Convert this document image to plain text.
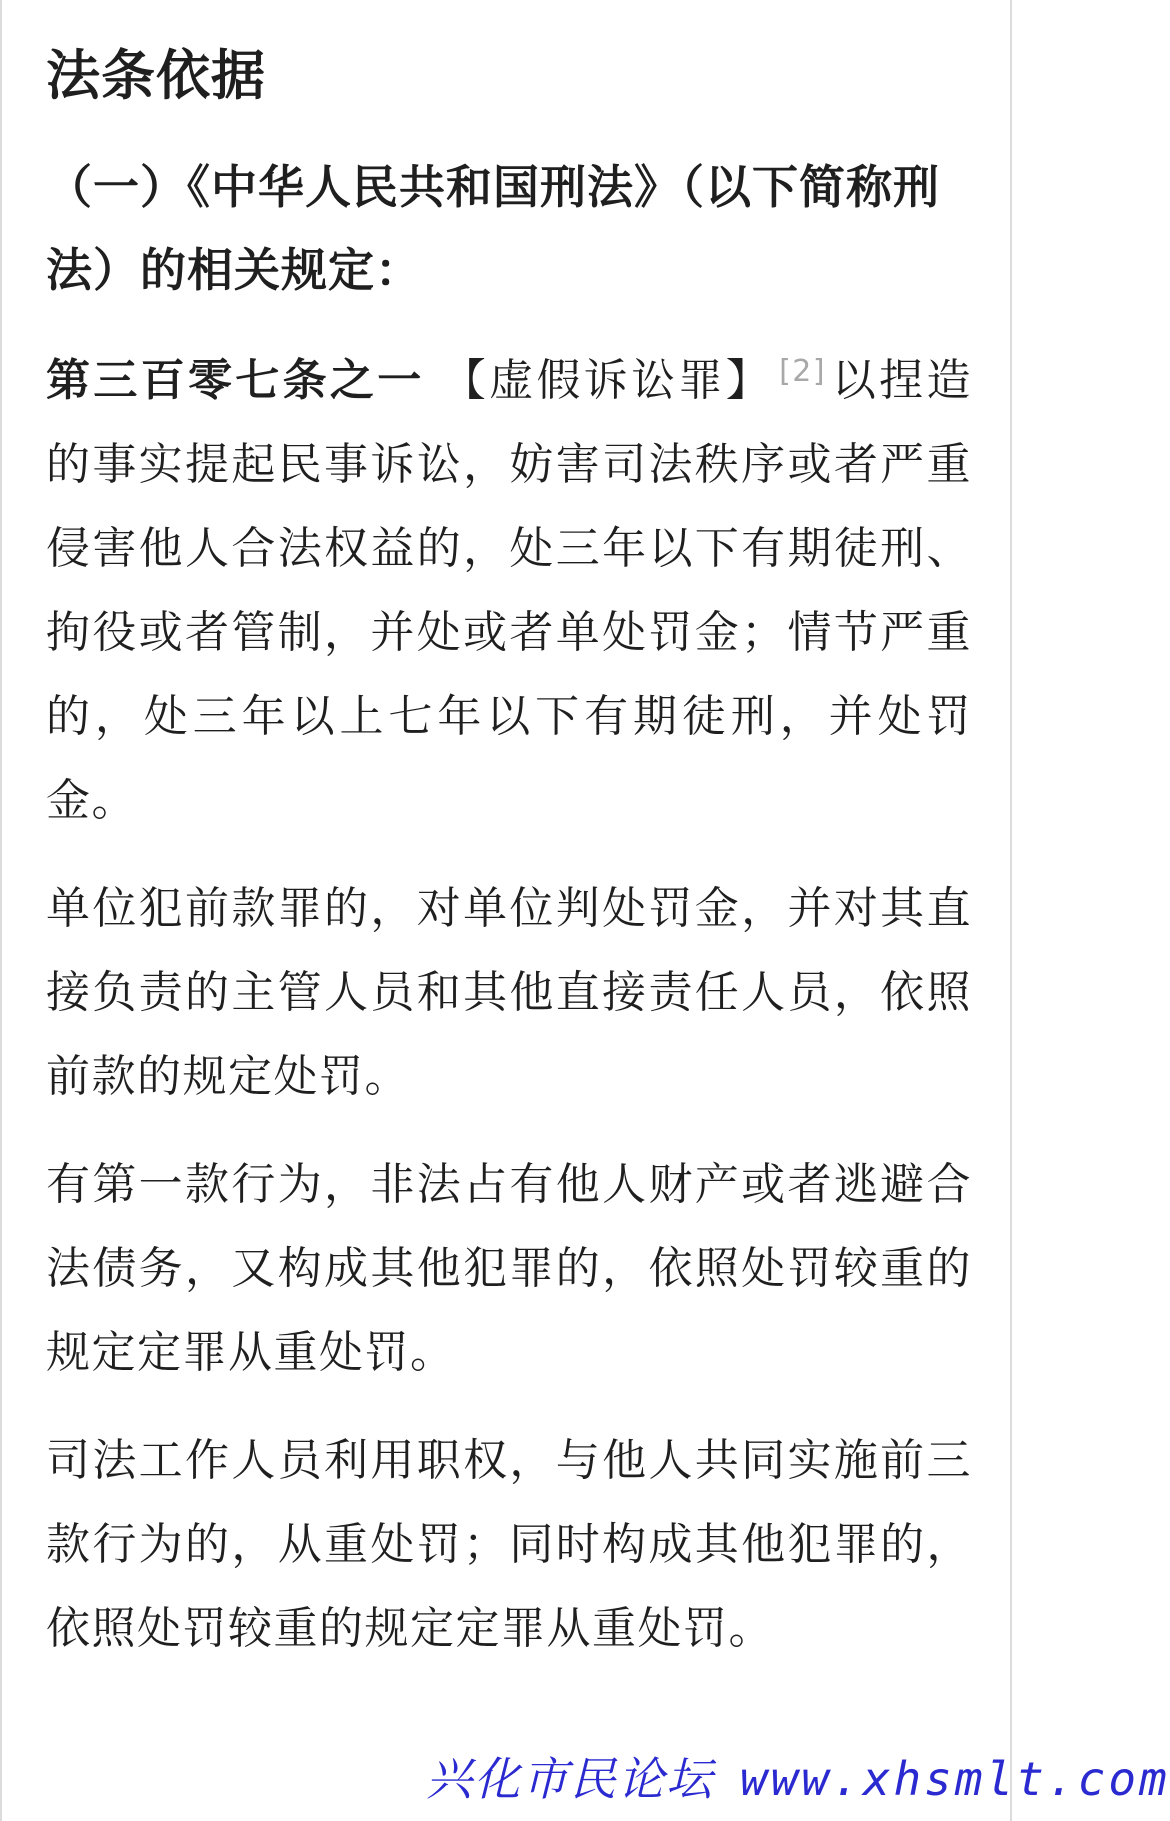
法条依据
（一）《中华人民共和国刑法》（以下简称刑法）的相关规定：
第三百零七条之一 【虚假诉讼罪】 [2]以捏造的事实提起民事诉讼，妨害司法秩序或者严重侵害他人合法权益的，处三年以下有期徒刑、拘役或者管制，并处或者单处罚金；情节严重的，处三年以上七年以下有期徒刑，并处罚金。
单位犯前款罪的，对单位判处罚金，并对其直接负责的主管人员和其他直接责任人员，依照前款的规定处罚。
有第一款行为，非法占有他人财产或者逃避合法债务，又构成其他犯罪的，依照处罚较重的规定定罪从重处罚。
司法工作人员利用职权，与他人共同实施前三款行为的，从重处罚；同时构成其他犯罪的，依照处罚较重的规定定罪从重处罚。
兴化市民论坛 www.xhsmlt.com
